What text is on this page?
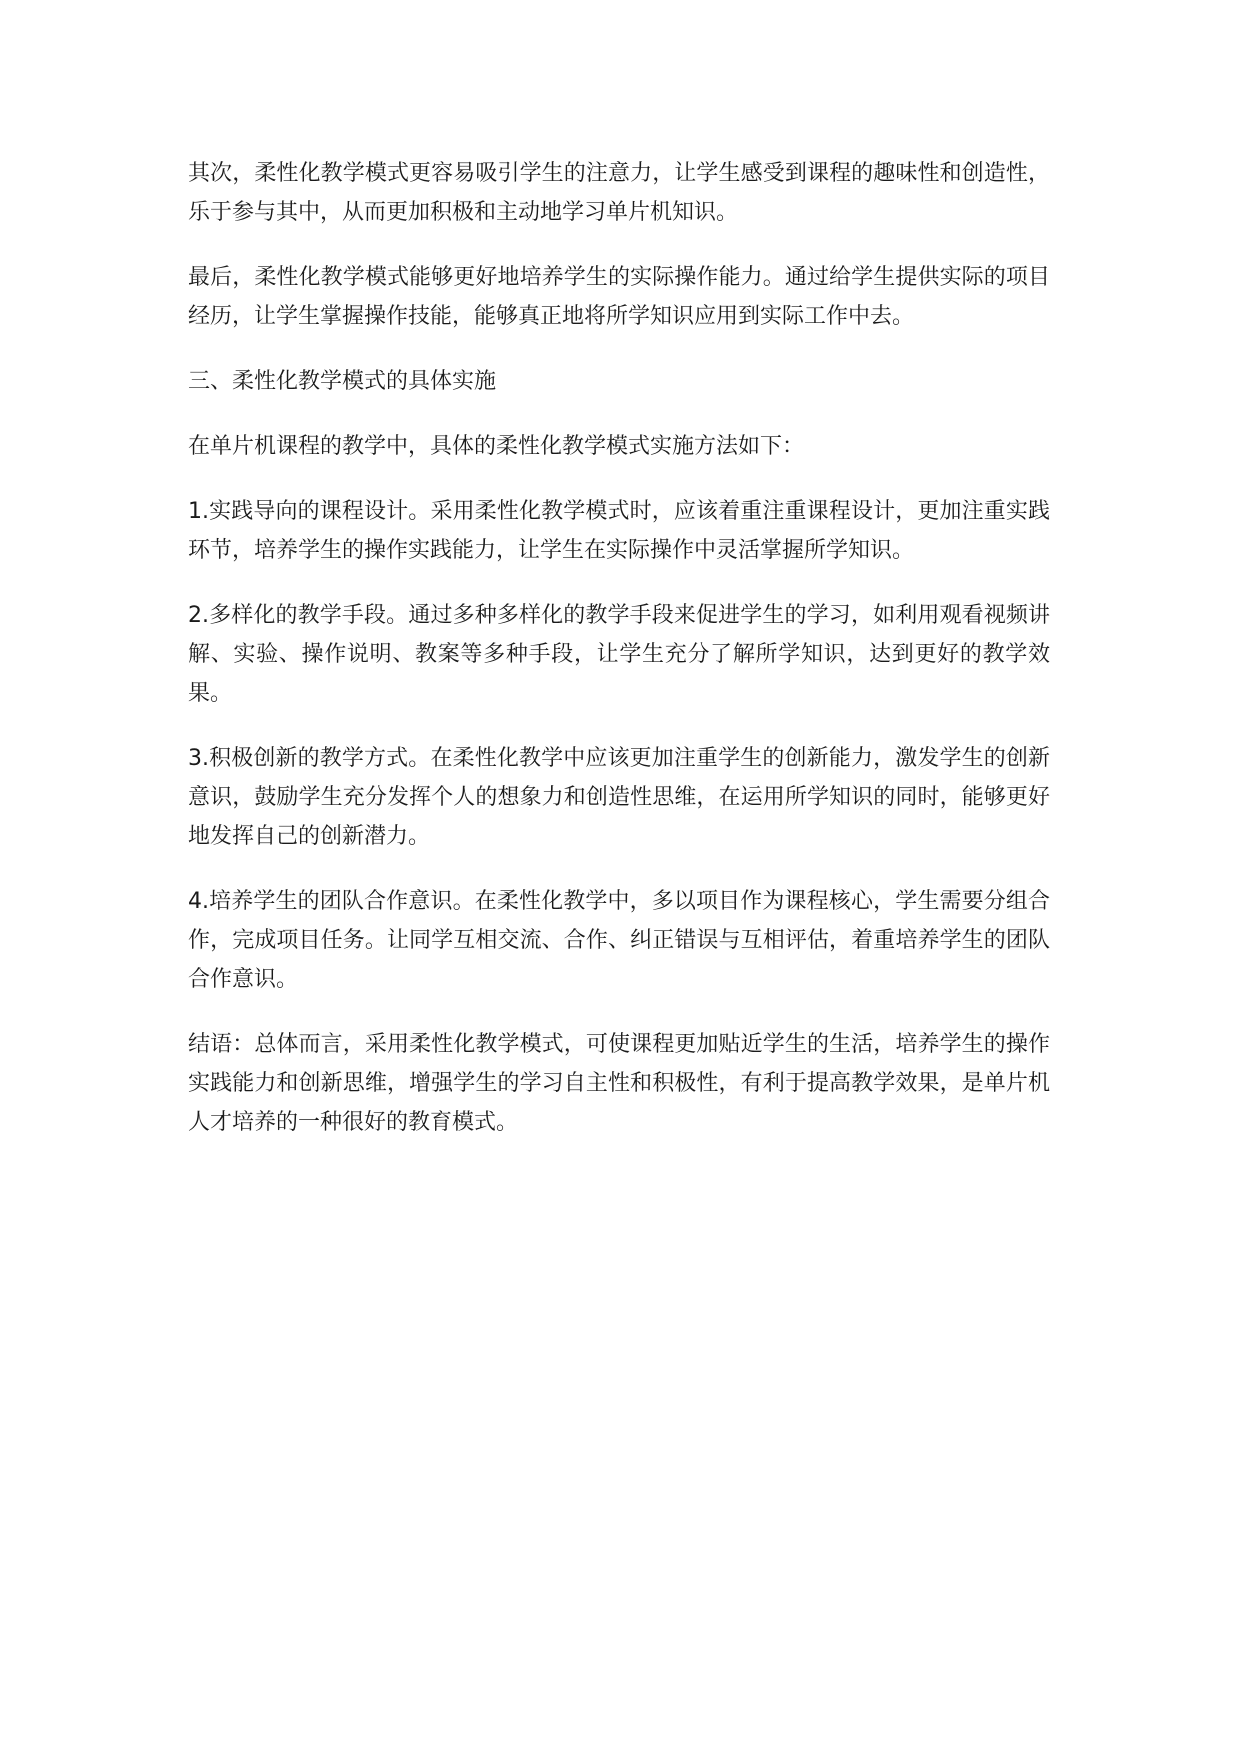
其次，柔性化教学模式更容易吸引学生的注意力，让学生感受到课程的趣味性和创造性，乐于参与其中，从而更加积极和主动地学习单片机知识。

最后，柔性化教学模式能够更好地培养学生的实际操作能力。通过给学生提供实际的项目经历，让学生掌握操作技能，能够真正地将所学知识应用到实际工作中去。

三、柔性化教学模式的具体实施

在单片机课程的教学中，具体的柔性化教学模式实施方法如下：

1.实践导向的课程设计。采用柔性化教学模式时，应该着重注重课程设计，更加注重实践环节，培养学生的操作实践能力，让学生在实际操作中灵活掌握所学知识。

2.多样化的教学手段。通过多种多样化的教学手段来促进学生的学习，如利用观看视频讲解、实验、操作说明、教案等多种手段，让学生充分了解所学知识，达到更好的教学效果。

3.积极创新的教学方式。在柔性化教学中应该更加注重学生的创新能力，激发学生的创新意识，鼓励学生充分发挥个人的想象力和创造性思维，在运用所学知识的同时，能够更好地发挥自己的创新潜力。

4.培养学生的团队合作意识。在柔性化教学中，多以项目作为课程核心，学生需要分组合作，完成项目任务。让同学互相交流、合作、纠正错误与互相评估，着重培养学生的团队合作意识。

结语：总体而言，采用柔性化教学模式，可使课程更加贴近学生的生活，培养学生的操作实践能力和创新思维，增强学生的学习自主性和积极性，有利于提高教学效果，是单片机人才培养的一种很好的教育模式。
